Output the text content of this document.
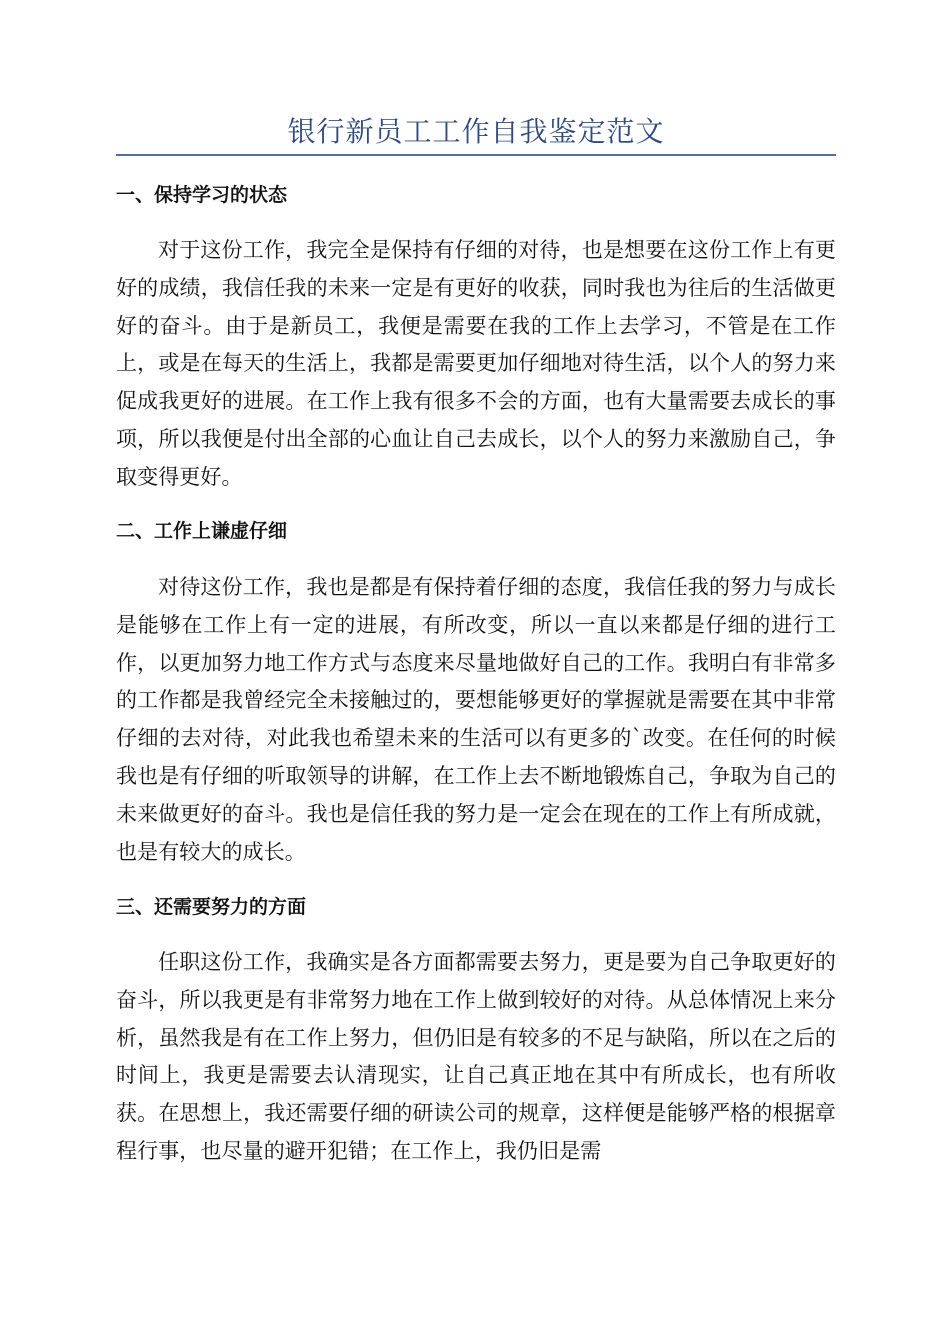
银行新员工工作自我鉴定范文
一、保持学习的状态
对于这份工作，我完全是保持有仔细的对待，也是想要在这份工作上有更好的成绩，我信任我的未来一定是有更好的收获，同时我也为往后的生活做更好的奋斗。由于是新员工，我便是需要在我的工作上去学习，不管是在工作上，或是在每天的生活上，我都是需要更加仔细地对待生活，以个人的努力来促成我更好的进展。在工作上我有很多不会的方面，也有大量需要去成长的事项，所以我便是付出全部的心血让自己去成长，以个人的努力来激励自己，争取变得更好。
二、工作上谦虚仔细
对待这份工作，我也是都是有保持着仔细的态度，我信任我的努力与成长是能够在工作上有一定的进展，有所改变，所以一直以来都是仔细的进行工作，以更加努力地工作方式与态度来尽量地做好自己的工作。我明白有非常多的工作都是我曾经完全未接触过的，要想能够更好的掌握就是需要在其中非常仔细的去对待，对此我也希望未来的生活可以有更多的`改变。在任何的时候我也是有仔细的听取领导的讲解，在工作上去不断地锻炼自己，争取为自己的未来做更好的奋斗。我也是信任我的努力是一定会在现在的工作上有所成就，也是有较大的成长。
三、还需要努力的方面
任职这份工作，我确实是各方面都需要去努力，更是要为自己争取更好的奋斗，所以我更是有非常努力地在工作上做到较好的对待。从总体情况上来分析，虽然我是有在工作上努力，但仍旧是有较多的不足与缺陷，所以在之后的时间上，我更是需要去认清现实，让自己真正地在其中有所成长，也有所收获。在思想上，我还需要仔细的研读公司的规章，这样便是能够严格的根据章程行事，也尽量的避开犯错；在工作上，我仍旧是需
